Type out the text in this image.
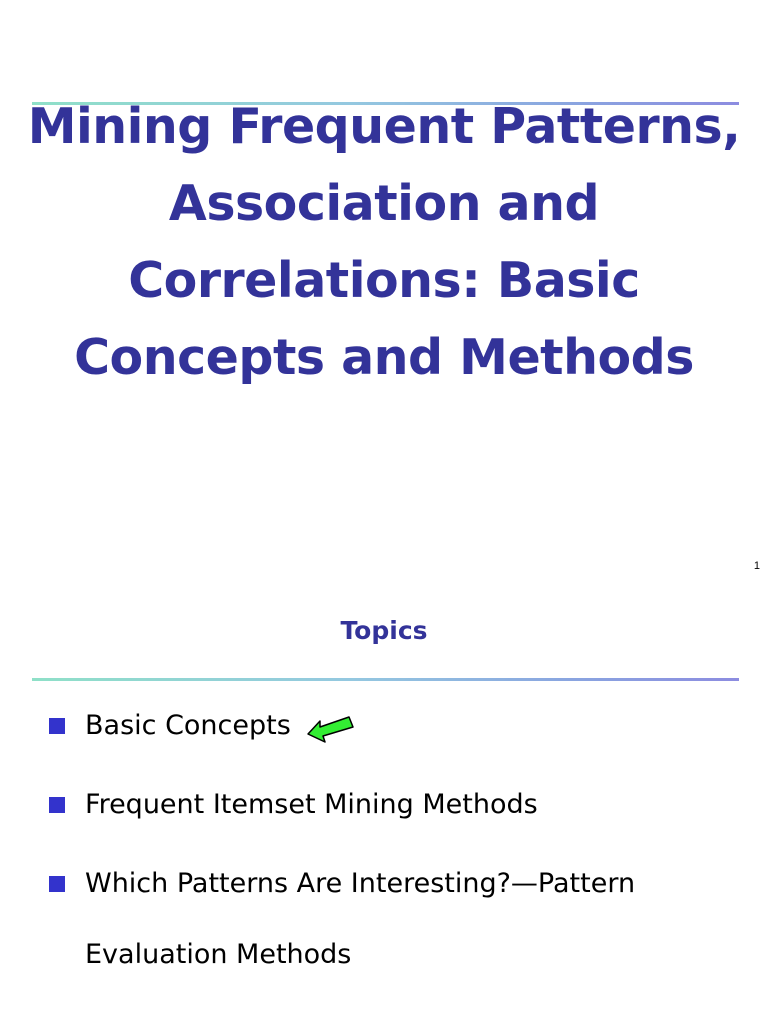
Mining Frequent Patterns,
Association and
Correlations: Basic
Concepts and Methods
1
Topics
Basic Concepts
Frequent Itemset Mining Methods
Which Patterns Are Interesting?—Pattern
Evaluation Methods
